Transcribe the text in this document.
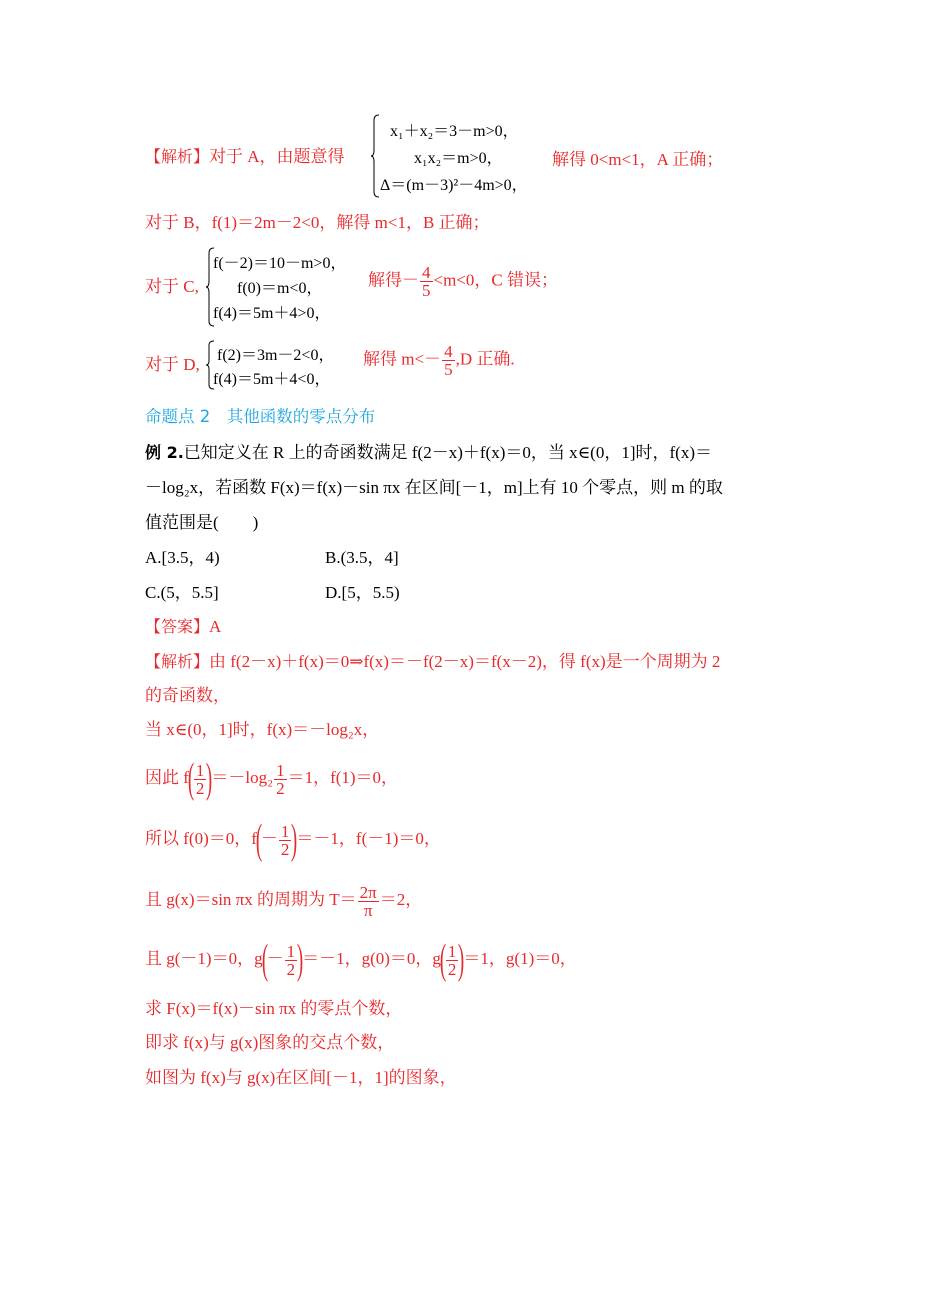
【解析】对于 A，由题意得
x₁＋x₂＝3－m>0，
x₁x₂＝m>0，
Δ＝(m－3)²－4m>0，
解得 0<m<1，A 正确；
对于 B，f(1)＝2m－2<0，解得 m<1，B 正确；
对于 C,
f(－2)＝10－m>0，
f(0)＝m<0，
f(4)＝5m＋4>0，
解得－ $\frac{4}{5} <m<0$，C 错误；
对于 D, f(2)＝3m－2<0，
f(4)＝5m＋4<0，
解得 $m<- \frac{4}{5} ,D$ 正确.
命题点 2　其他函数的零点分布
例 2.已知定义在 R 上的奇函数满足 f(2－x)＋f(x)＝0，当 x∈(0，1]时，f(x)＝
－log₂x，若函数 F(x)＝f(x)－sin πx 在区间[－1，m]上有 10 个零点，则 m 的取
值范围是(　　)
A.[3.5，4)	B.(3.5，4]
C.(5，5.5]	D.[5，5.5)
【答案】A
【解析】由 f(2－x)＋f(x)＝0⇒f(x)＝－f(2－x)＝f(x－2)，得 f(x)是一个周期为 2
的奇函数，
当 x∈(0，1]时，f(x)＝－log₂x，
因此 $f( \frac{1}{2} )=-\log_2 \frac{1}{2} =1$，f(1)＝0，
所以 f(0)＝0，$f(- \frac{1}{2} )=-1$，f(－1)＝0，
且 g(x)＝sin πx 的周期为 $T= \frac{2\pi}{\pi} =2$，
且 g(－1)＝0，$g(- \frac{1}{2} )=-1$，g(0)＝0，$g( \frac{1}{2} )=1$，g(1)＝0，
求 F(x)＝f(x)－sin πx 的零点个数，
即求 f(x)与 g(x)图象的交点个数，
如图为 f(x)与 g(x)在区间[－1，1]的图象，
